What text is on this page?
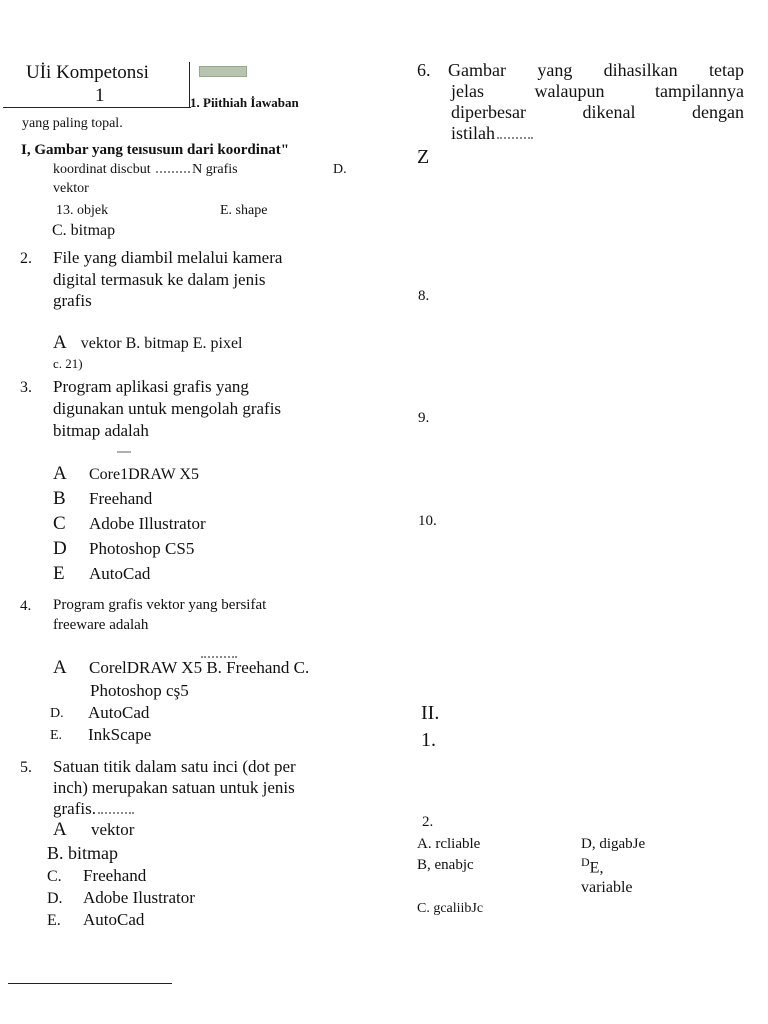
Uİi Kompetonsi
1	1. Piithiah İawaban
yang paling topal.
I, Gambar yang teısusuın dari koordinat"
koordinat discbut	N grafis	D.
vektor
13. objek	E. shape
C. bitmap
2. File yang diambil melalui kamera
digital termasuk ke dalam jenis
grafis
A vektor B. bitmap E. pixel
c. 21)
3. Program aplikasi grafis yang
digunakan untuk mengolah grafis
bitmap adalah
A Core1DRAW X5
B Freehand
C Adobe Illustrator
D Photoshop CS5
E AutoCad
4. Program grafis vektor yang bersifat
freeware adalah
A CorelDRAW X5 B. Freehand C.
Photoshop cş5
D. AutoCad
E. InkScape
5. Satuan titik dalam satu inci (dot per
inch) merupakan satuan untuk jenis
grafis.
A vektor
B. bitmap
C. Freehand
D. Adobe Ilustrator
E. AutoCad
6. Gambar yang dihasilkan tetap
jelas walaupun tampilannya
diperbesar dikenal dengan
istilah
Z
8.
9.
10.
II.
1.
2.
A. rcliable	D, digabJe
B, enabjc	$^D$E,
variable
C. gcaliibJc
